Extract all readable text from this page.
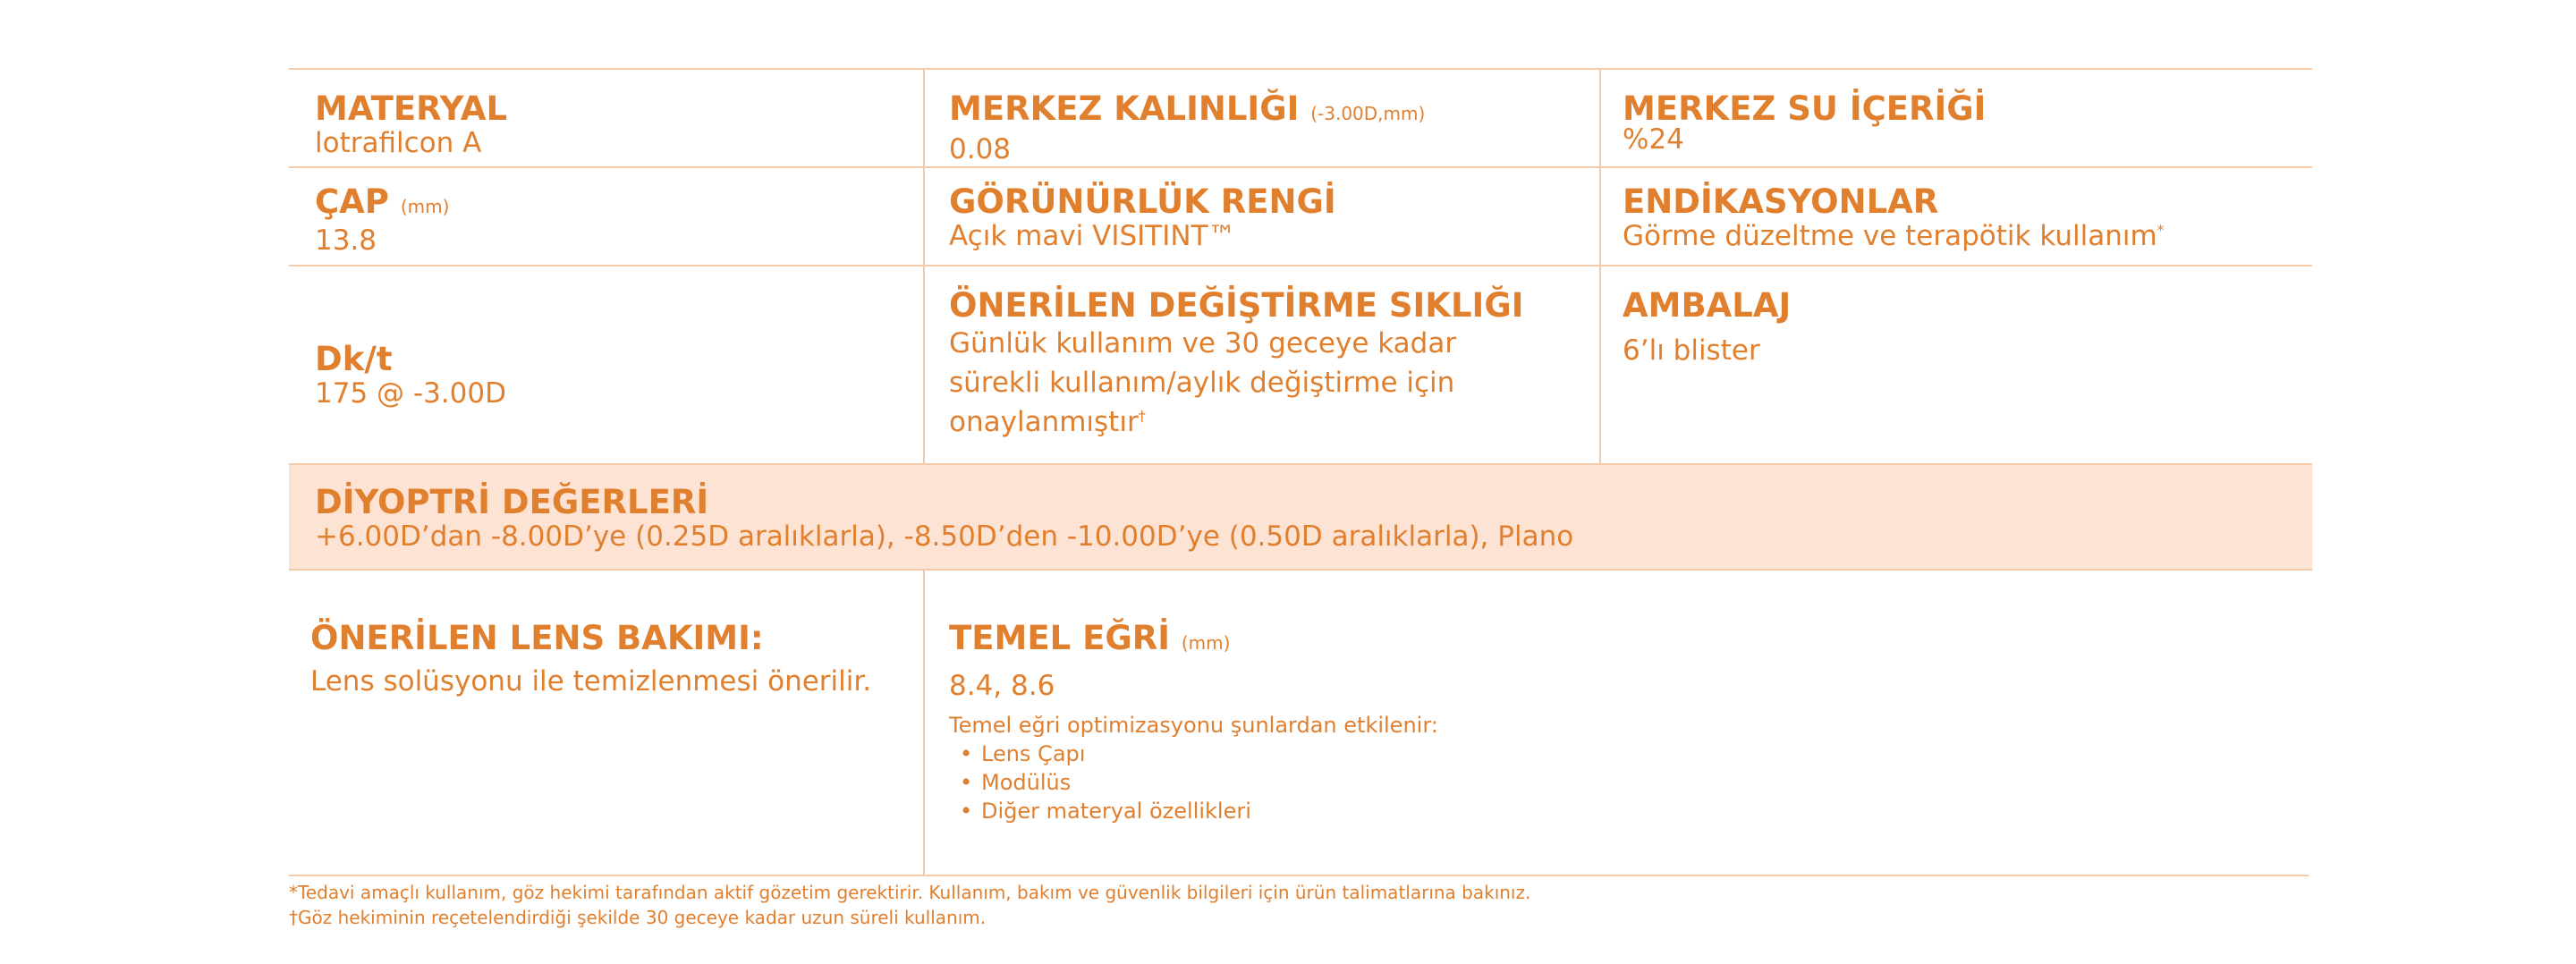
MATERYAL
lotrafilcon A
MERKEZ KALINLIĞI (-3.00D,mm)
0.08
MERKEZ SU İÇERİĞİ
%24
ÇAP (mm)
13.8
GÖRÜNÜRLÜK RENGİ
Açık mavi VISITINT™
ENDİKASYONLAR
Görme düzeltme ve terapötik kullanım*
Dk/t
175 @ -3.00D
ÖNERİLEN DEĞİŞTİRME SIKLIĞI
Günlük kullanım ve 30 geceye kadar
sürekli kullanım/aylık değiştirme için
onaylanmıştır†
AMBALAJ
6’lı blister
DİYOPTRİ DEĞERLERİ
+6.00D’dan -8.00D’ye (0.25D aralıklarla), -8.50D’den -10.00D’ye (0.50D aralıklarla), Plano
ÖNERİLEN LENS BAKIMI:
Lens solüsyonu ile temizlenmesi önerilir.
TEMEL EĞRİ (mm)
8.4, 8.6
Temel eğri optimizasyonu şunlardan etkilenir:
• Lens Çapı
• Modülüs
• Diğer materyal özellikleri
*Tedavi amaçlı kullanım, göz hekimi tarafından aktif gözetim gerektirir. Kullanım, bakım ve güvenlik bilgileri için ürün talimatlarına bakınız.
†Göz hekiminin reçetelendirdiği şekilde 30 geceye kadar uzun süreli kullanım.
